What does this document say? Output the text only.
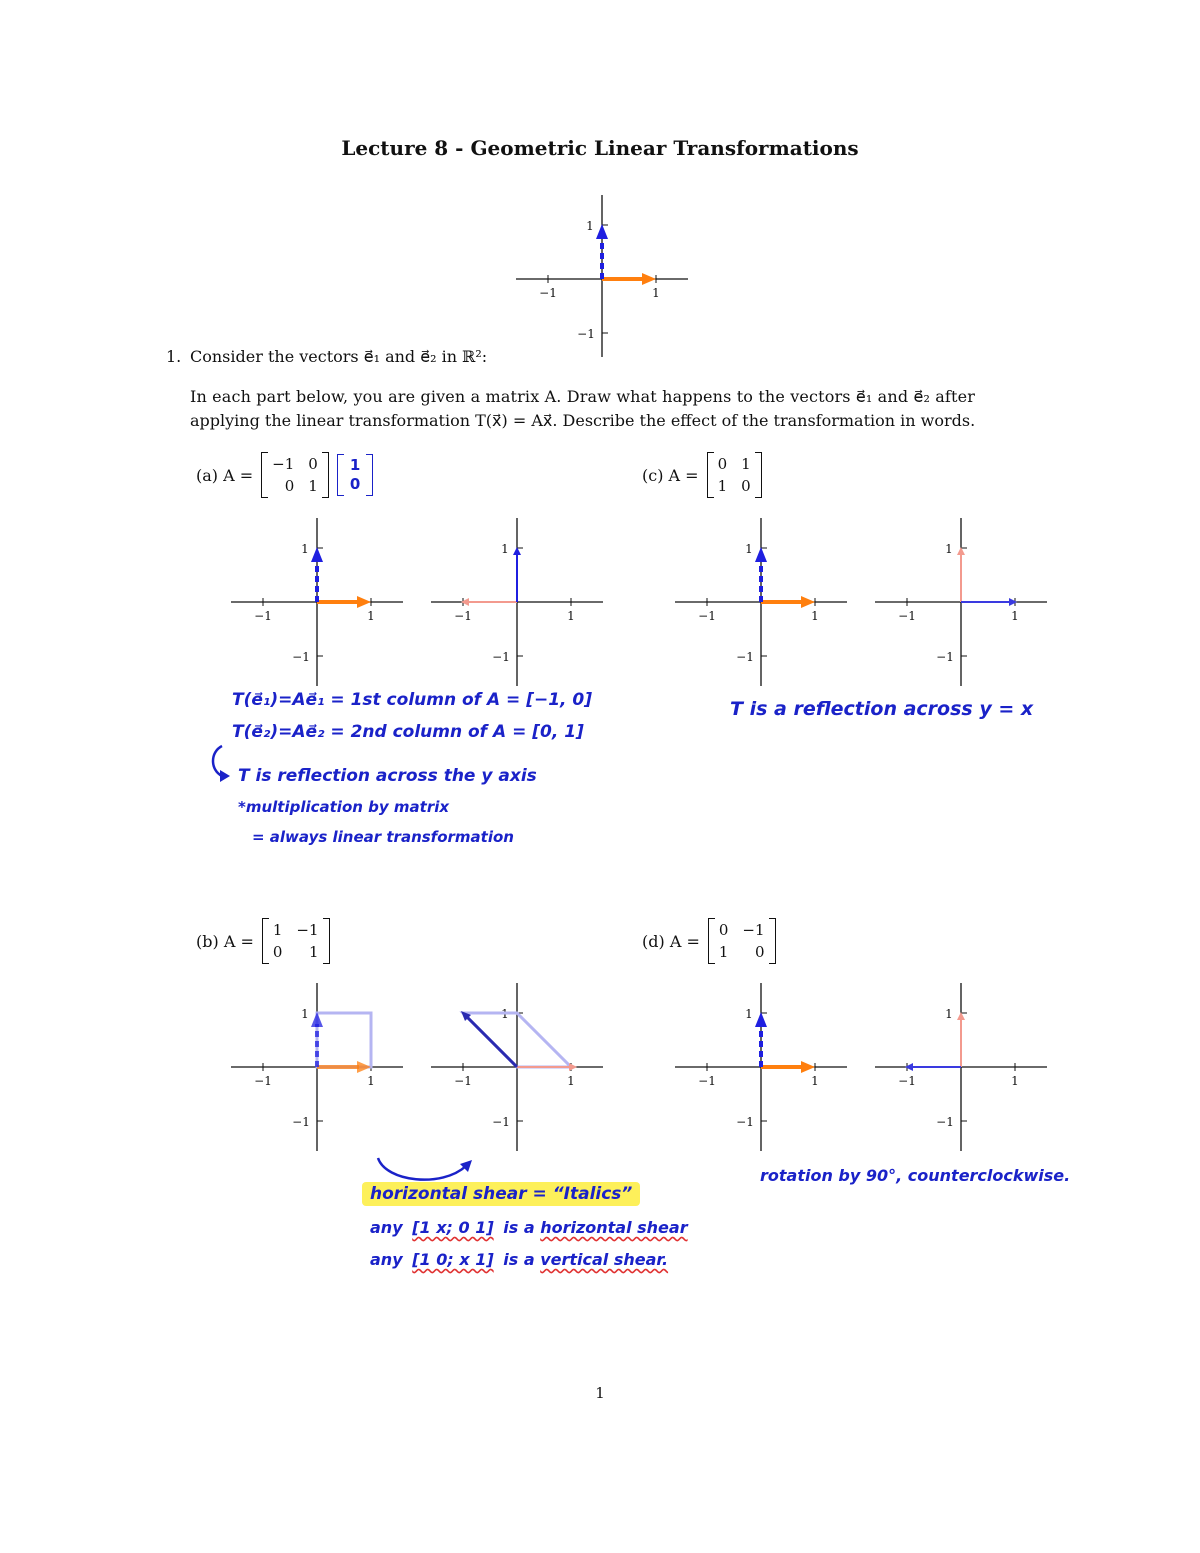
Lecture 8 - Geometric Linear Transformations
1
−1
1
−1
1. Consider the vectors e⃗₁ and e⃗₂ in ℝ²:
In each part below, you are given a matrix A. Draw what happens to the vectors e⃗₁ and e⃗₂ after
applying the linear transformation T(x⃗) = Ax⃗. Describe the effect of the transformation in words.
(a) A =
−1 0
0 1
1
0
1
−1
1
−1
1
−1
1
−1
T(e⃗₁)=Ae⃗₁ = 1st column of A = [−1, 0]
T(e⃗₂)=Ae⃗₂ = 2nd column of A = [0, 1]
T is reflection across the y axis
*multiplication by matrix
= always linear transformation
(c) A =
0 1
1 0
1
−1
1
−1
1
−1
1
−1
T is a reflection across y = x
(b) A =
1 −1
0	1
1
−1
1
−1
1
−1
1
−1
horizontal shear = “Italics”
any [1 x; 0 1] is a horizontal shear
any [1 0; x 1] is a vertical shear.
(d) A =
0 −1
1	0
1
−1
1
−1
1
−1
1
−1
rotation by 90°, counterclockwise.
1
